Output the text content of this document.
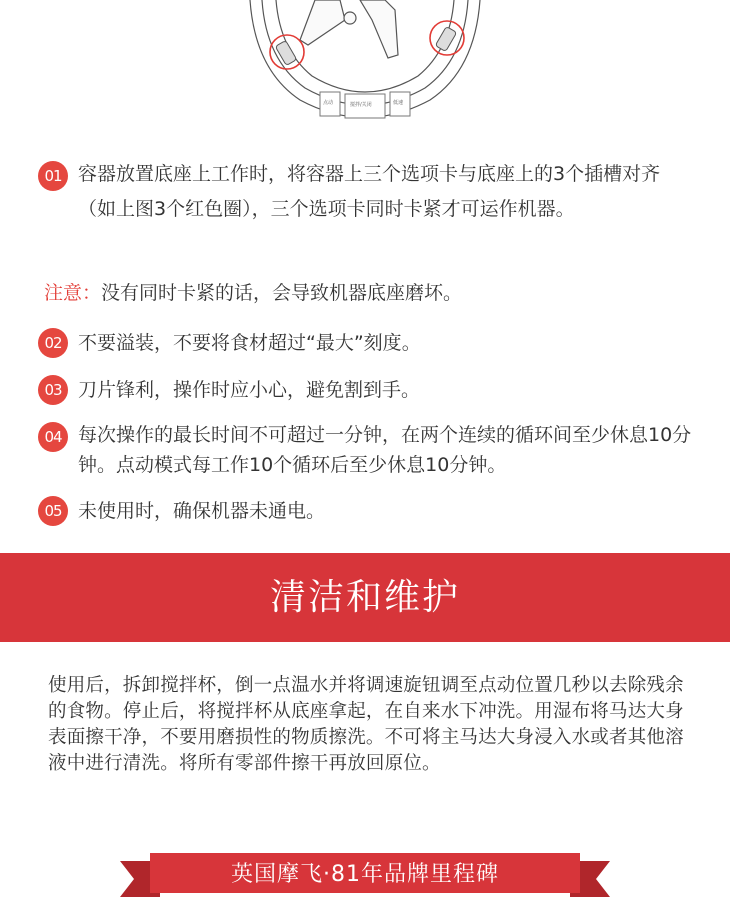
点动	搅拌/关闭	低速
01 容器放置底座上工作时，将容器上三个选项卡与底座上的3个插槽对齐（如上图3个红色圈），三个选项卡同时卡紧才可运作机器。
注意：没有同时卡紧的话，会导致机器底座磨坏。
02 不要溢装，不要将食材超过“最大”刻度。
03 刀片锋利，操作时应小心，避免割到手。
04 每次操作的最长时间不可超过一分钟，在两个连续的循环间至少休息10分钟。点动模式每工作10个循环后至少休息10分钟。
05 未使用时，确保机器未通电。
清洁和维护
使用后，拆卸搅拌杯，倒一点温水并将调速旋钮调至点动位置几秒以去除残余的食物。停止后，将搅拌杯从底座拿起，在自来水下冲洗。用湿布将马达大身表面擦干净，不要用磨损性的物质擦洗。不可将主马达大身浸入水或者其他溶液中进行清洗。将所有零部件擦干再放回原位。
英国摩飞·81年品牌里程碑
